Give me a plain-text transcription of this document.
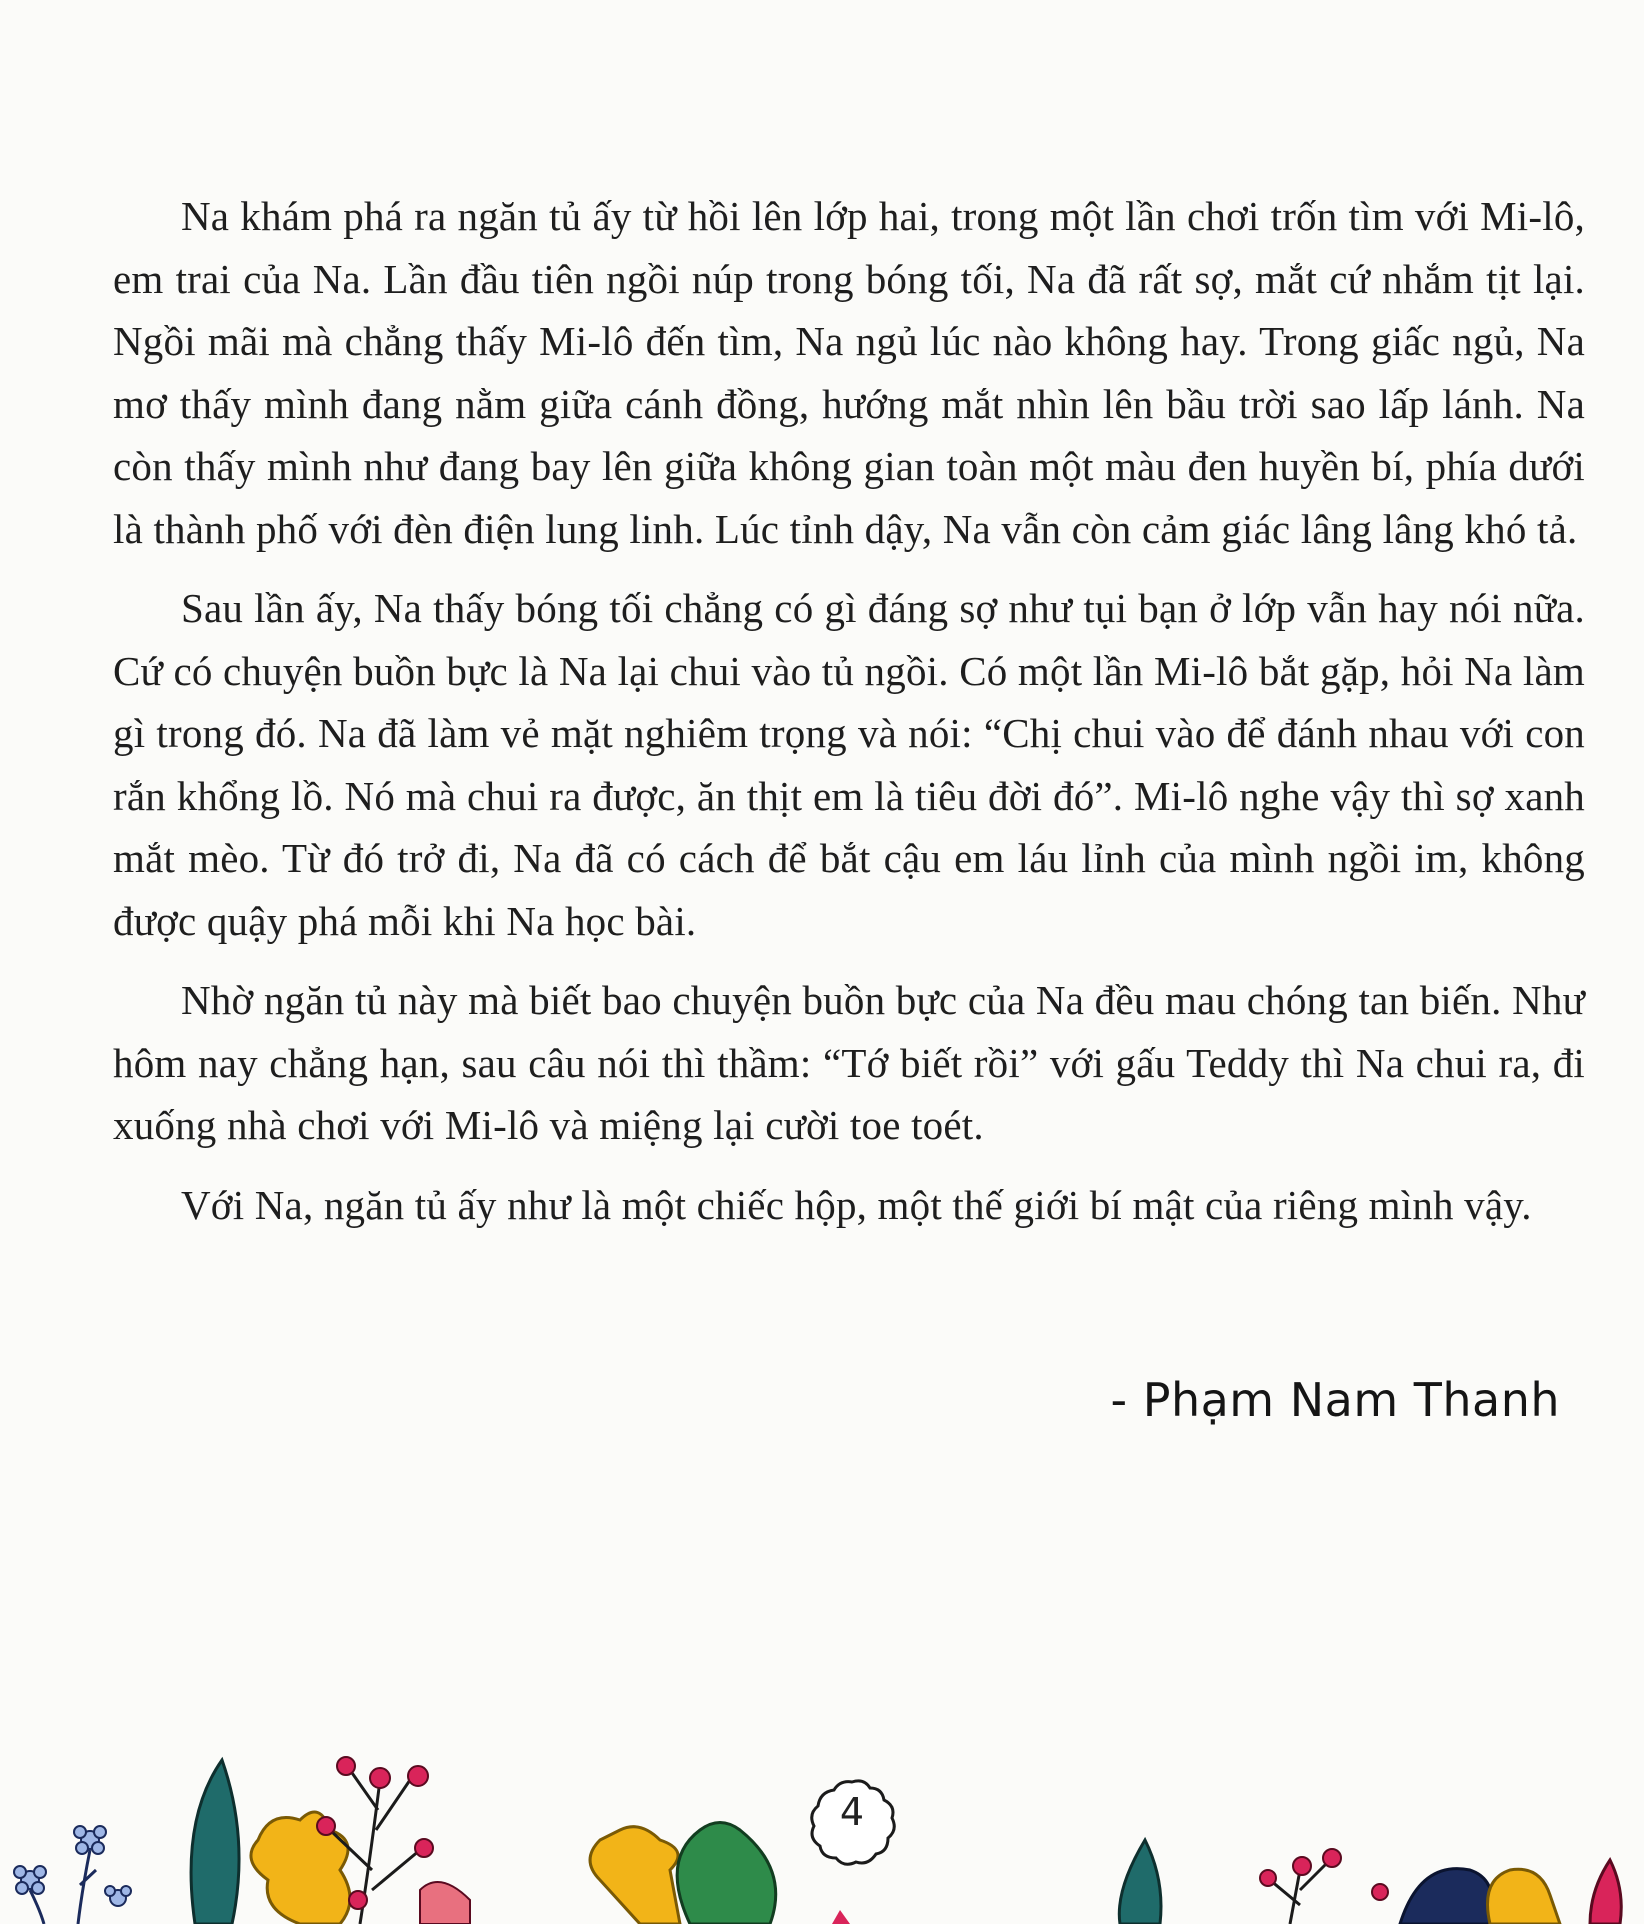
Na khám phá ra ngăn tủ ấy từ hồi lên lớp hai, trong một lần chơi trốn tìm với Mi-lô, em trai của Na. Lần đầu tiên ngồi núp trong bóng tối, Na đã rất sợ, mắt cứ nhắm tịt lại. Ngồi mãi mà chẳng thấy Mi-lô đến tìm, Na ngủ lúc nào không hay. Trong giấc ngủ, Na mơ thấy mình đang nằm giữa cánh đồng, hướng mắt nhìn lên bầu trời sao lấp lánh. Na còn thấy mình như đang bay lên giữa không gian toàn một màu đen huyền bí, phía dưới là thành phố với đèn điện lung linh. Lúc tỉnh dậy, Na vẫn còn cảm giác lâng lâng khó tả.

Sau lần ấy, Na thấy bóng tối chẳng có gì đáng sợ như tụi bạn ở lớp vẫn hay nói nữa. Cứ có chuyện buồn bực là Na lại chui vào tủ ngồi. Có một lần Mi-lô bắt gặp, hỏi Na làm gì trong đó. Na đã làm vẻ mặt nghiêm trọng và nói: “Chị chui vào để đánh nhau với con rắn khổng lồ. Nó mà chui ra được, ăn thịt em là tiêu đời đó”. Mi-lô nghe vậy thì sợ xanh mắt mèo. Từ đó trở đi, Na đã có cách để bắt cậu em láu lỉnh của mình ngồi im, không được quậy phá mỗi khi Na học bài.

Nhờ ngăn tủ này mà biết bao chuyện buồn bực của Na đều mau chóng tan biến. Như hôm nay chẳng hạn, sau câu nói thì thầm: “Tớ biết rồi” với gấu Teddy thì Na chui ra, đi xuống nhà chơi với Mi-lô và miệng lại cười toe toét.

Với Na, ngăn tủ ấy như là một chiếc hộp, một thế giới bí mật của riêng mình vậy.

- Phạm Nam Thanh
4
